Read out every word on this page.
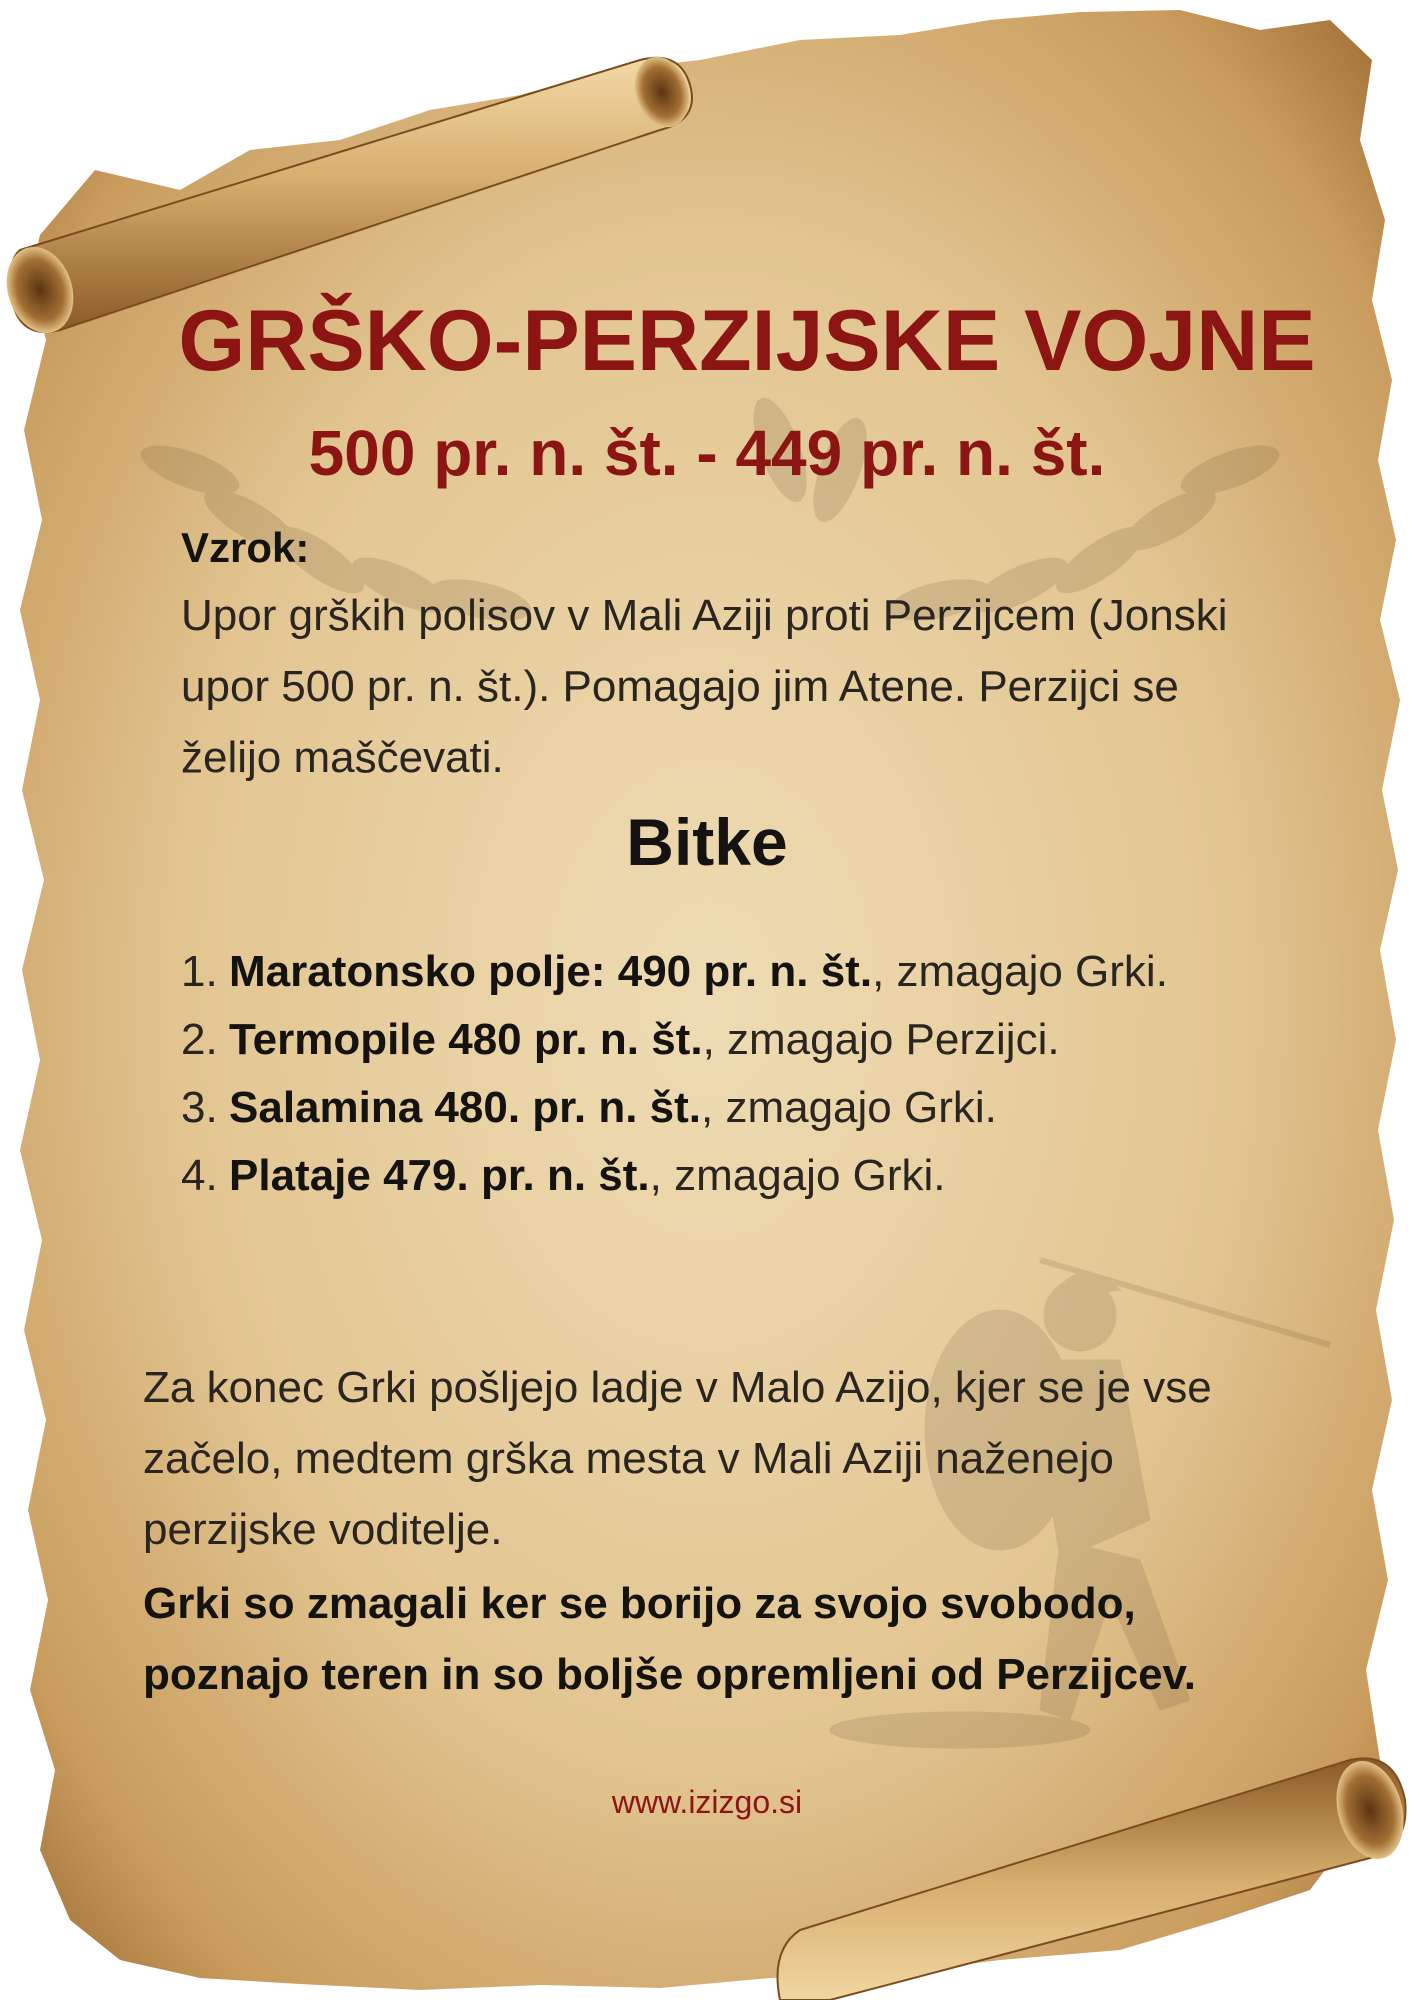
GRŠKO-PERZIJSKE VOJNE
500 pr. n. št. - 449 pr. n. št.
Vzrok:

Upor grških polisov v Mali Aziji proti Perzijcem (Jonski upor 500 pr. n. št.). Pomagajo jim Atene. Perzijci se želijo maščevati.

Bitke
1. Maratonsko polje: 490 pr. n. št., zmagajo Grki.
2. Termopile 480 pr. n. št., zmagajo Perzijci.
3. Salamina 480. pr. n. št., zmagajo Grki.
4. Plataje 479. pr. n. št., zmagajo Grki.

Za konec Grki pošljejo ladje v Malo Azijo, kjer se je vse začelo, medtem grška mesta v Mali Aziji naženejo perzijske voditelje.

Grki so zmagali ker se borijo za svojo svobodo, poznajo teren in so boljše opremljeni od Perzijcev.

www.izizgo.si
